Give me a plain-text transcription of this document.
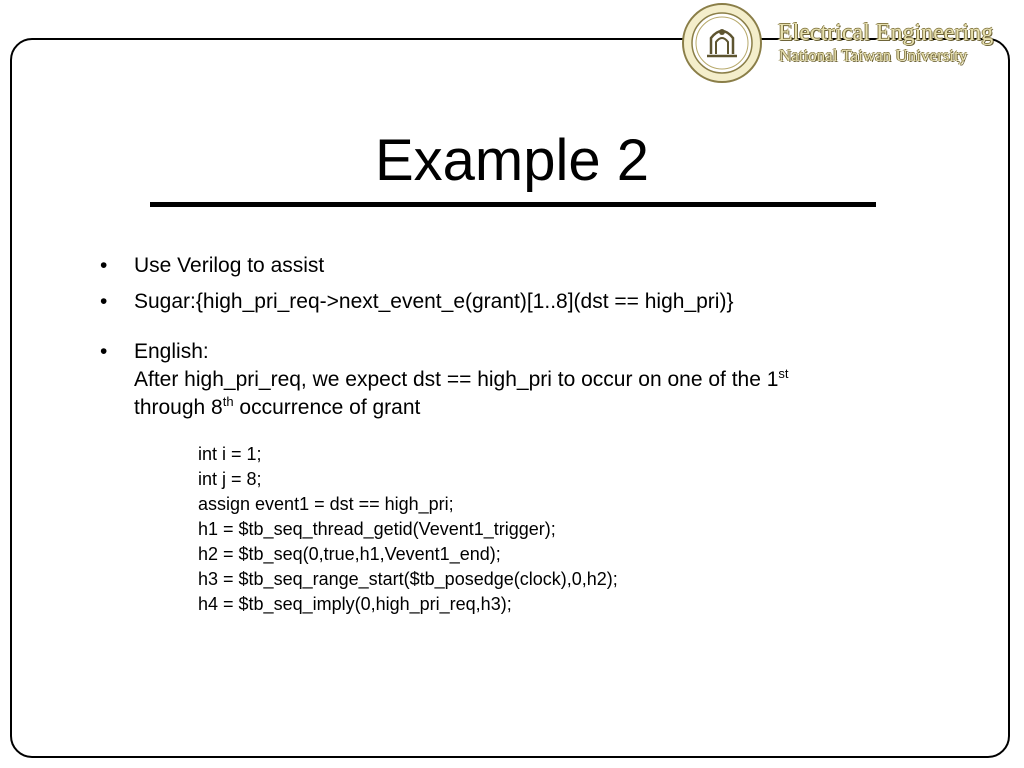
Electrical Engineering
National Taiwan University
Example 2
• Use Verilog to assist
• Sugar:{high_pri_req->next_event_e(grant)[1..8](dst == high_pri)}
• English:
After high_pri_req, we expect dst == high_pri to occur on one of the 1st
through 8th occurrence of grant
int i = 1;
int j = 8;
assign event1 = dst == high_pri;
h1 = $tb_seq_thread_getid(Vevent1_trigger);
h2 = $tb_seq(0,true,h1,Vevent1_end);
h3 = $tb_seq_range_start($tb_posedge(clock),0,h2);
h4 = $tb_seq_imply(0,high_pri_req,h3);
